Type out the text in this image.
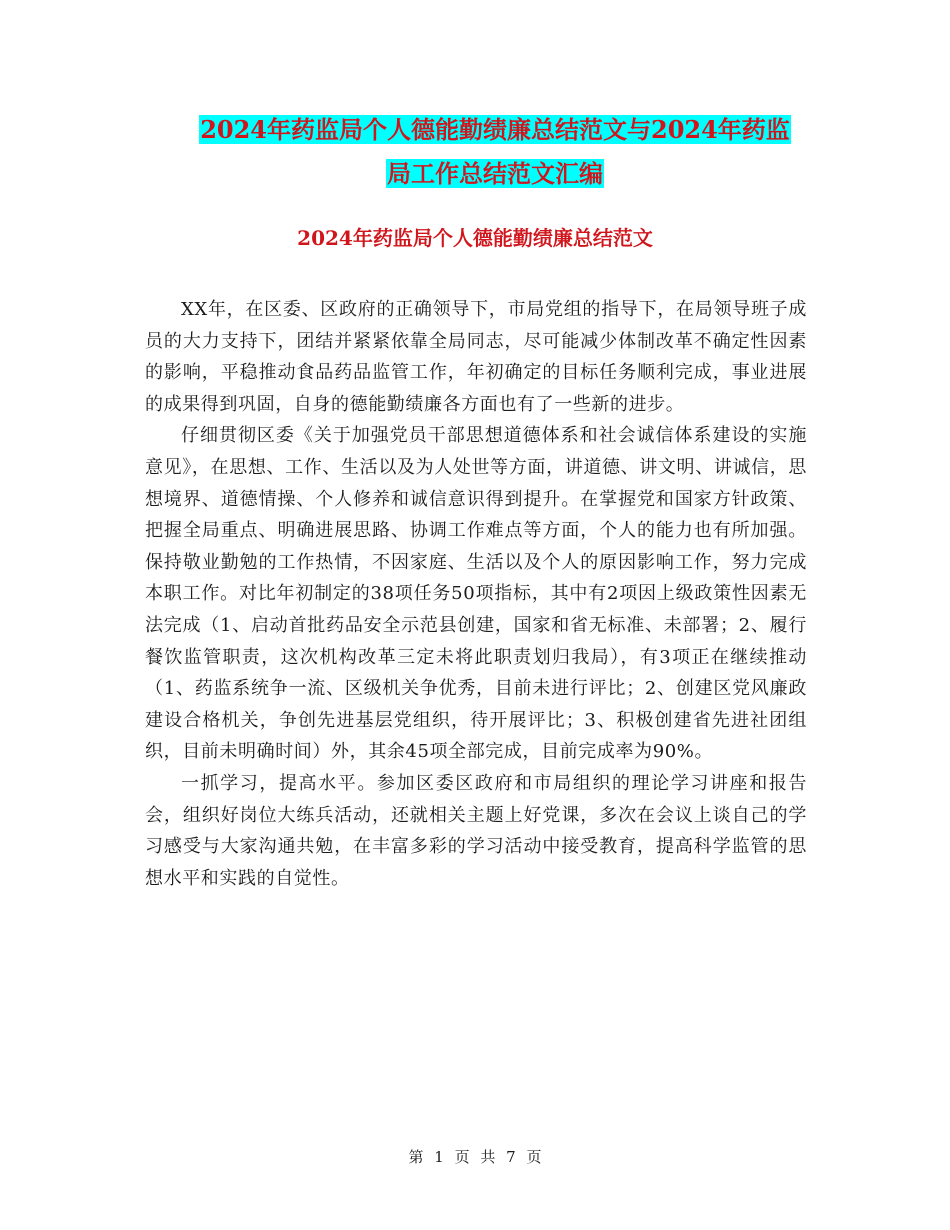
2024年药监局个人德能勤绩廉总结范文与2024年药监
局工作总结范文汇编
2024年药监局个人德能勤绩廉总结范文

XX年，在区委、区政府的正确领导下，市局党组的指导下，在局领导班子成员的大力支持下，团结并紧紧依靠全局同志，尽可能减少体制改革不确定性因素的影响，平稳推动食品药品监管工作，年初确定的目标任务顺利完成，事业进展的成果得到巩固，自身的德能勤绩廉各方面也有了一些新的进步。

仔细贯彻区委《关于加强党员干部思想道德体系和社会诚信体系建设的实施意见》，在思想、工作、生活以及为人处世等方面，讲道德、讲文明、讲诚信，思想境界、道德情操、个人修养和诚信意识得到提升。在掌握党和国家方针政策、把握全局重点、明确进展思路、协调工作难点等方面，个人的能力也有所加强。保持敬业勤勉的工作热情，不因家庭、生活以及个人的原因影响工作，努力完成本职工作。对比年初制定的38项任务50项指标，其中有2项因上级政策性因素无法完成（1、启动首批药品安全示范县创建，国家和省无标准、未部署；2、履行餐饮监管职责，这次机构改革三定未将此职责划归我局），有3项正在继续推动（1、药监系统争一流、区级机关争优秀，目前未进行评比；2、创建区党风廉政建设合格机关，争创先进基层党组织，待开展评比；3、积极创建省先进社团组织，目前未明确时间）外，其余45项全部完成，目前完成率为90%。

一抓学习，提高水平。参加区委区政府和市局组织的理论学习讲座和报告会，组织好岗位大练兵活动，还就相关主题上好党课，多次在会议上谈自己的学习感受与大家沟通共勉，在丰富多彩的学习活动中接受教育，提高科学监管的思想水平和实践的自觉性。

第 1 页 共 7 页
